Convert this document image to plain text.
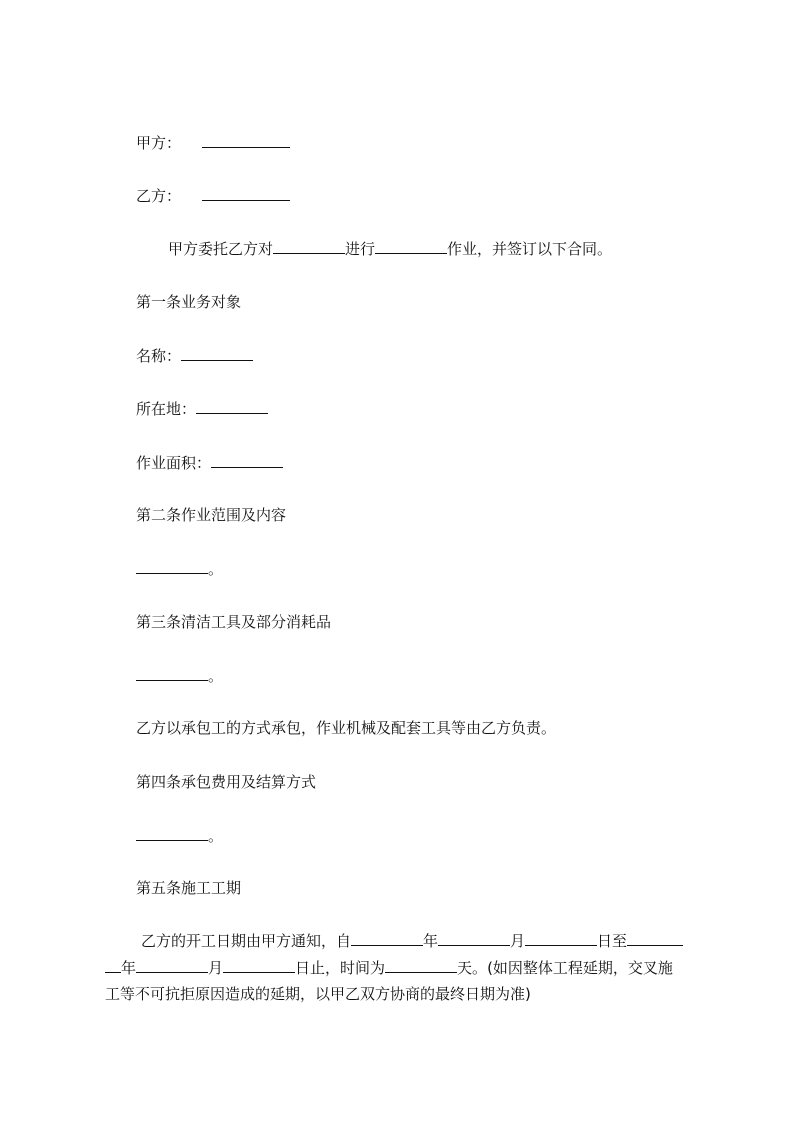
甲方：
乙方：
甲方委托乙方对	进行	作业，并签订以下合同。
第一条业务对象
名称：
所在地：
作业面积：
第二条作业范围及内容
。
第三条清洁工具及部分消耗品
。
乙方以承包工的方式承包，作业机械及配套工具等由乙方负责。
第四条承包费用及结算方式
。
第五条施工工期
乙方的开工日期由甲方通知，自	年	月	日至
年	月	日止，时间为	天。(如因整体工程延期，交叉施
工等不可抗拒原因造成的延期，以甲乙双方协商的最终日期为准)
